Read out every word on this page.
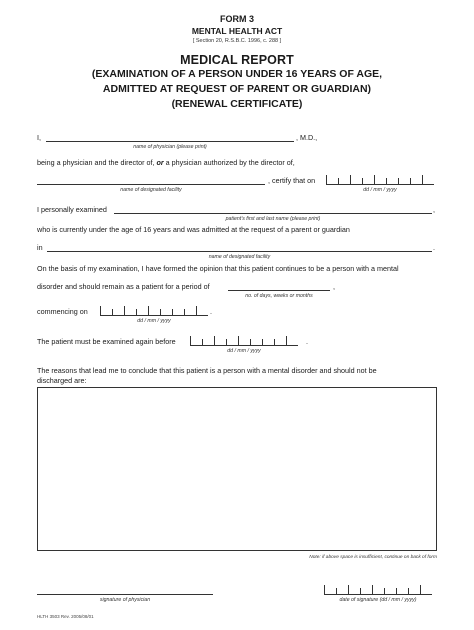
FORM 3
MENTAL HEALTH ACT
[ Section 20, R.S.B.C. 1996, c. 288 ]
MEDICAL REPORT
(EXAMINATION OF A PERSON UNDER 16 YEARS OF AGE,
ADMITTED AT REQUEST OF PARENT OR GUARDIAN)
(RENEWAL CERTIFICATE)
I,	, M.D.,
name of physician (please print)
being a physician and the director of, or a physician authorized by the director of,
, certify that on
name of designated facility	dd / mm / yyyy
I personally examined	,
patient's first and last name (please print)
who is currently under the age of 16 years and was admitted at the request of a parent or guardian
in	.
name of designated facility
On the basis of my examination, I have formed the opinion that this patient continues to be a person with a mental
disorder and should remain as a patient for a period of	,
no. of days, weeks or months
commencing on	.
dd / mm / yyyy
The patient must be examined again before	.
dd / mm / yyyy
The reasons that lead me to conclude that this patient is a person with a mental disorder and should not be
discharged are:
Note: if above space is insufficient, continue on back of form
signature of physician	date of signature (dd / mm / yyyy)
HLTH 3503 Rev. 2005/08/01
